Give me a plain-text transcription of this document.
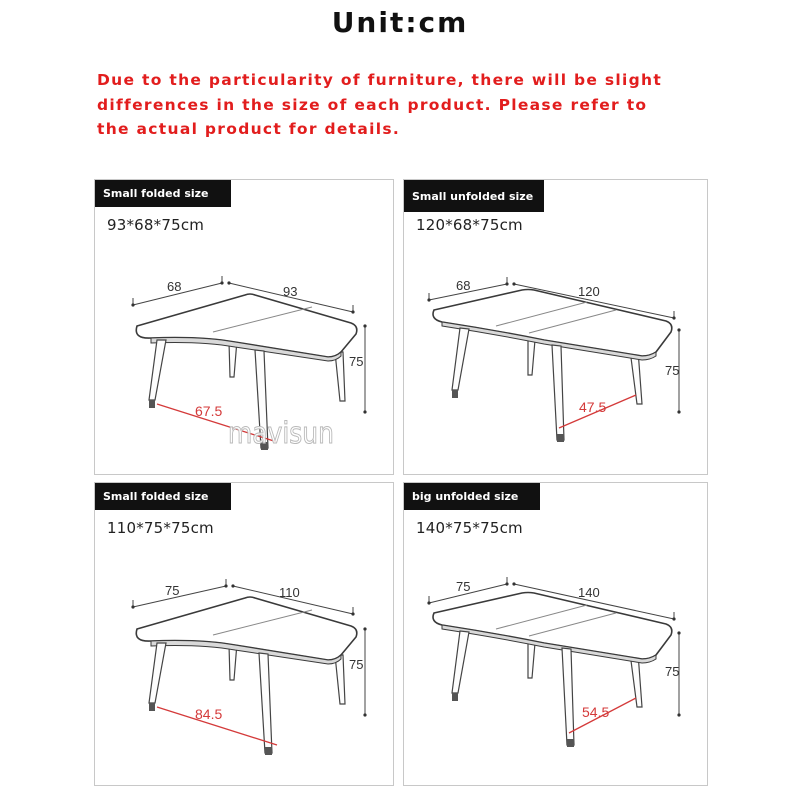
Unit:cm
Due to the particularity of furniture, there will be slight
differences in the size of each product. Please refer to
the actual product for details.
Small folded size
93*68*75cm
68	93
75
67.5
Small unfolded size
120*68*75cm
68	120
75
47.5
Small folded size
110*75*75cm
75	110
75
84.5
big unfolded size
140*75*75cm
75	140
75
54.5
mavisun
